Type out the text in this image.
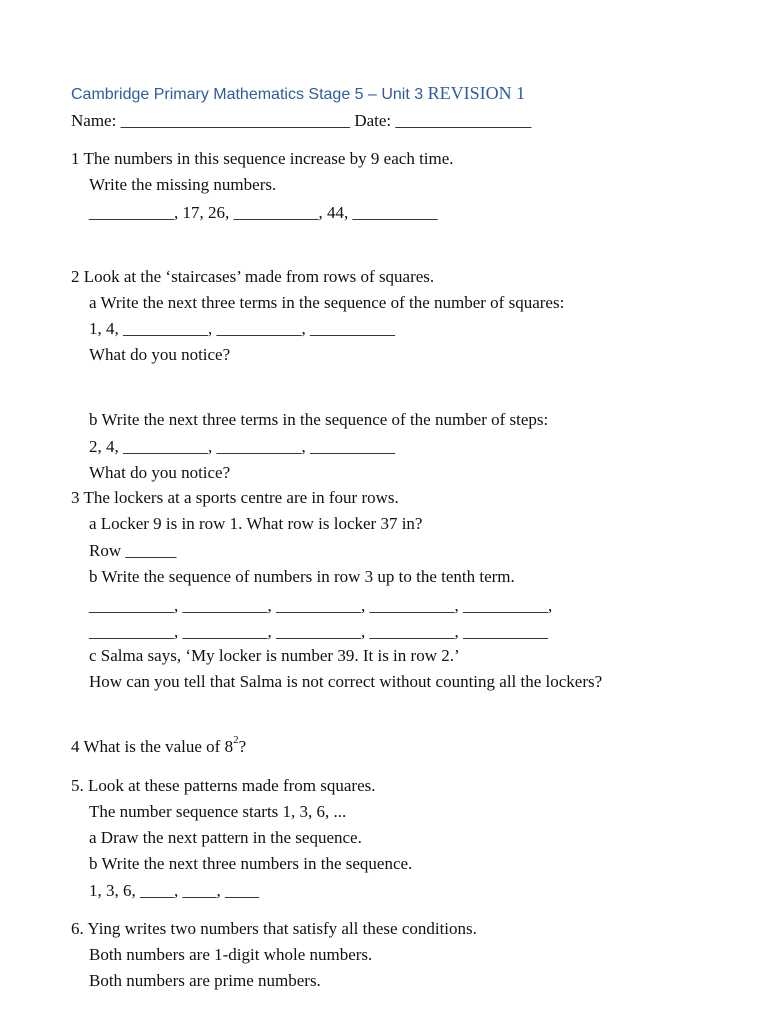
Cambridge Primary Mathematics Stage 5 – Unit 3 REVISION 1
Name: ___________________________ Date: ________________
1 The numbers in this sequence increase by 9 each time.
Write the missing numbers.
__________, 17, 26, __________, 44, __________
2 Look at the ‘staircases’ made from rows of squares.
a Write the next three terms in the sequence of the number of squares:
1, 4, __________, __________, __________
What do you notice?
b Write the next three terms in the sequence of the number of steps:
2, 4, __________, __________, __________
What do you notice?
3 The lockers at a sports centre are in four rows.
a Locker 9 is in row 1. What row is locker 37 in?
Row ______
b Write the sequence of numbers in row 3 up to the tenth term.
__________, __________, __________, __________, __________,
__________, __________, __________, __________, __________
c Salma says, ‘My locker is number 39. It is in row 2.’
How can you tell that Salma is not correct without counting all the lockers?
4 What is the value of $8^2$?
5. Look at these patterns made from squares.
The number sequence starts 1, 3, 6, ...
a Draw the next pattern in the sequence.
b Write the next three numbers in the sequence.
1, 3, 6, ____, ____, ____
6. Ying writes two numbers that satisfy all these conditions.
Both numbers are 1-digit whole numbers.
Both numbers are prime numbers.
